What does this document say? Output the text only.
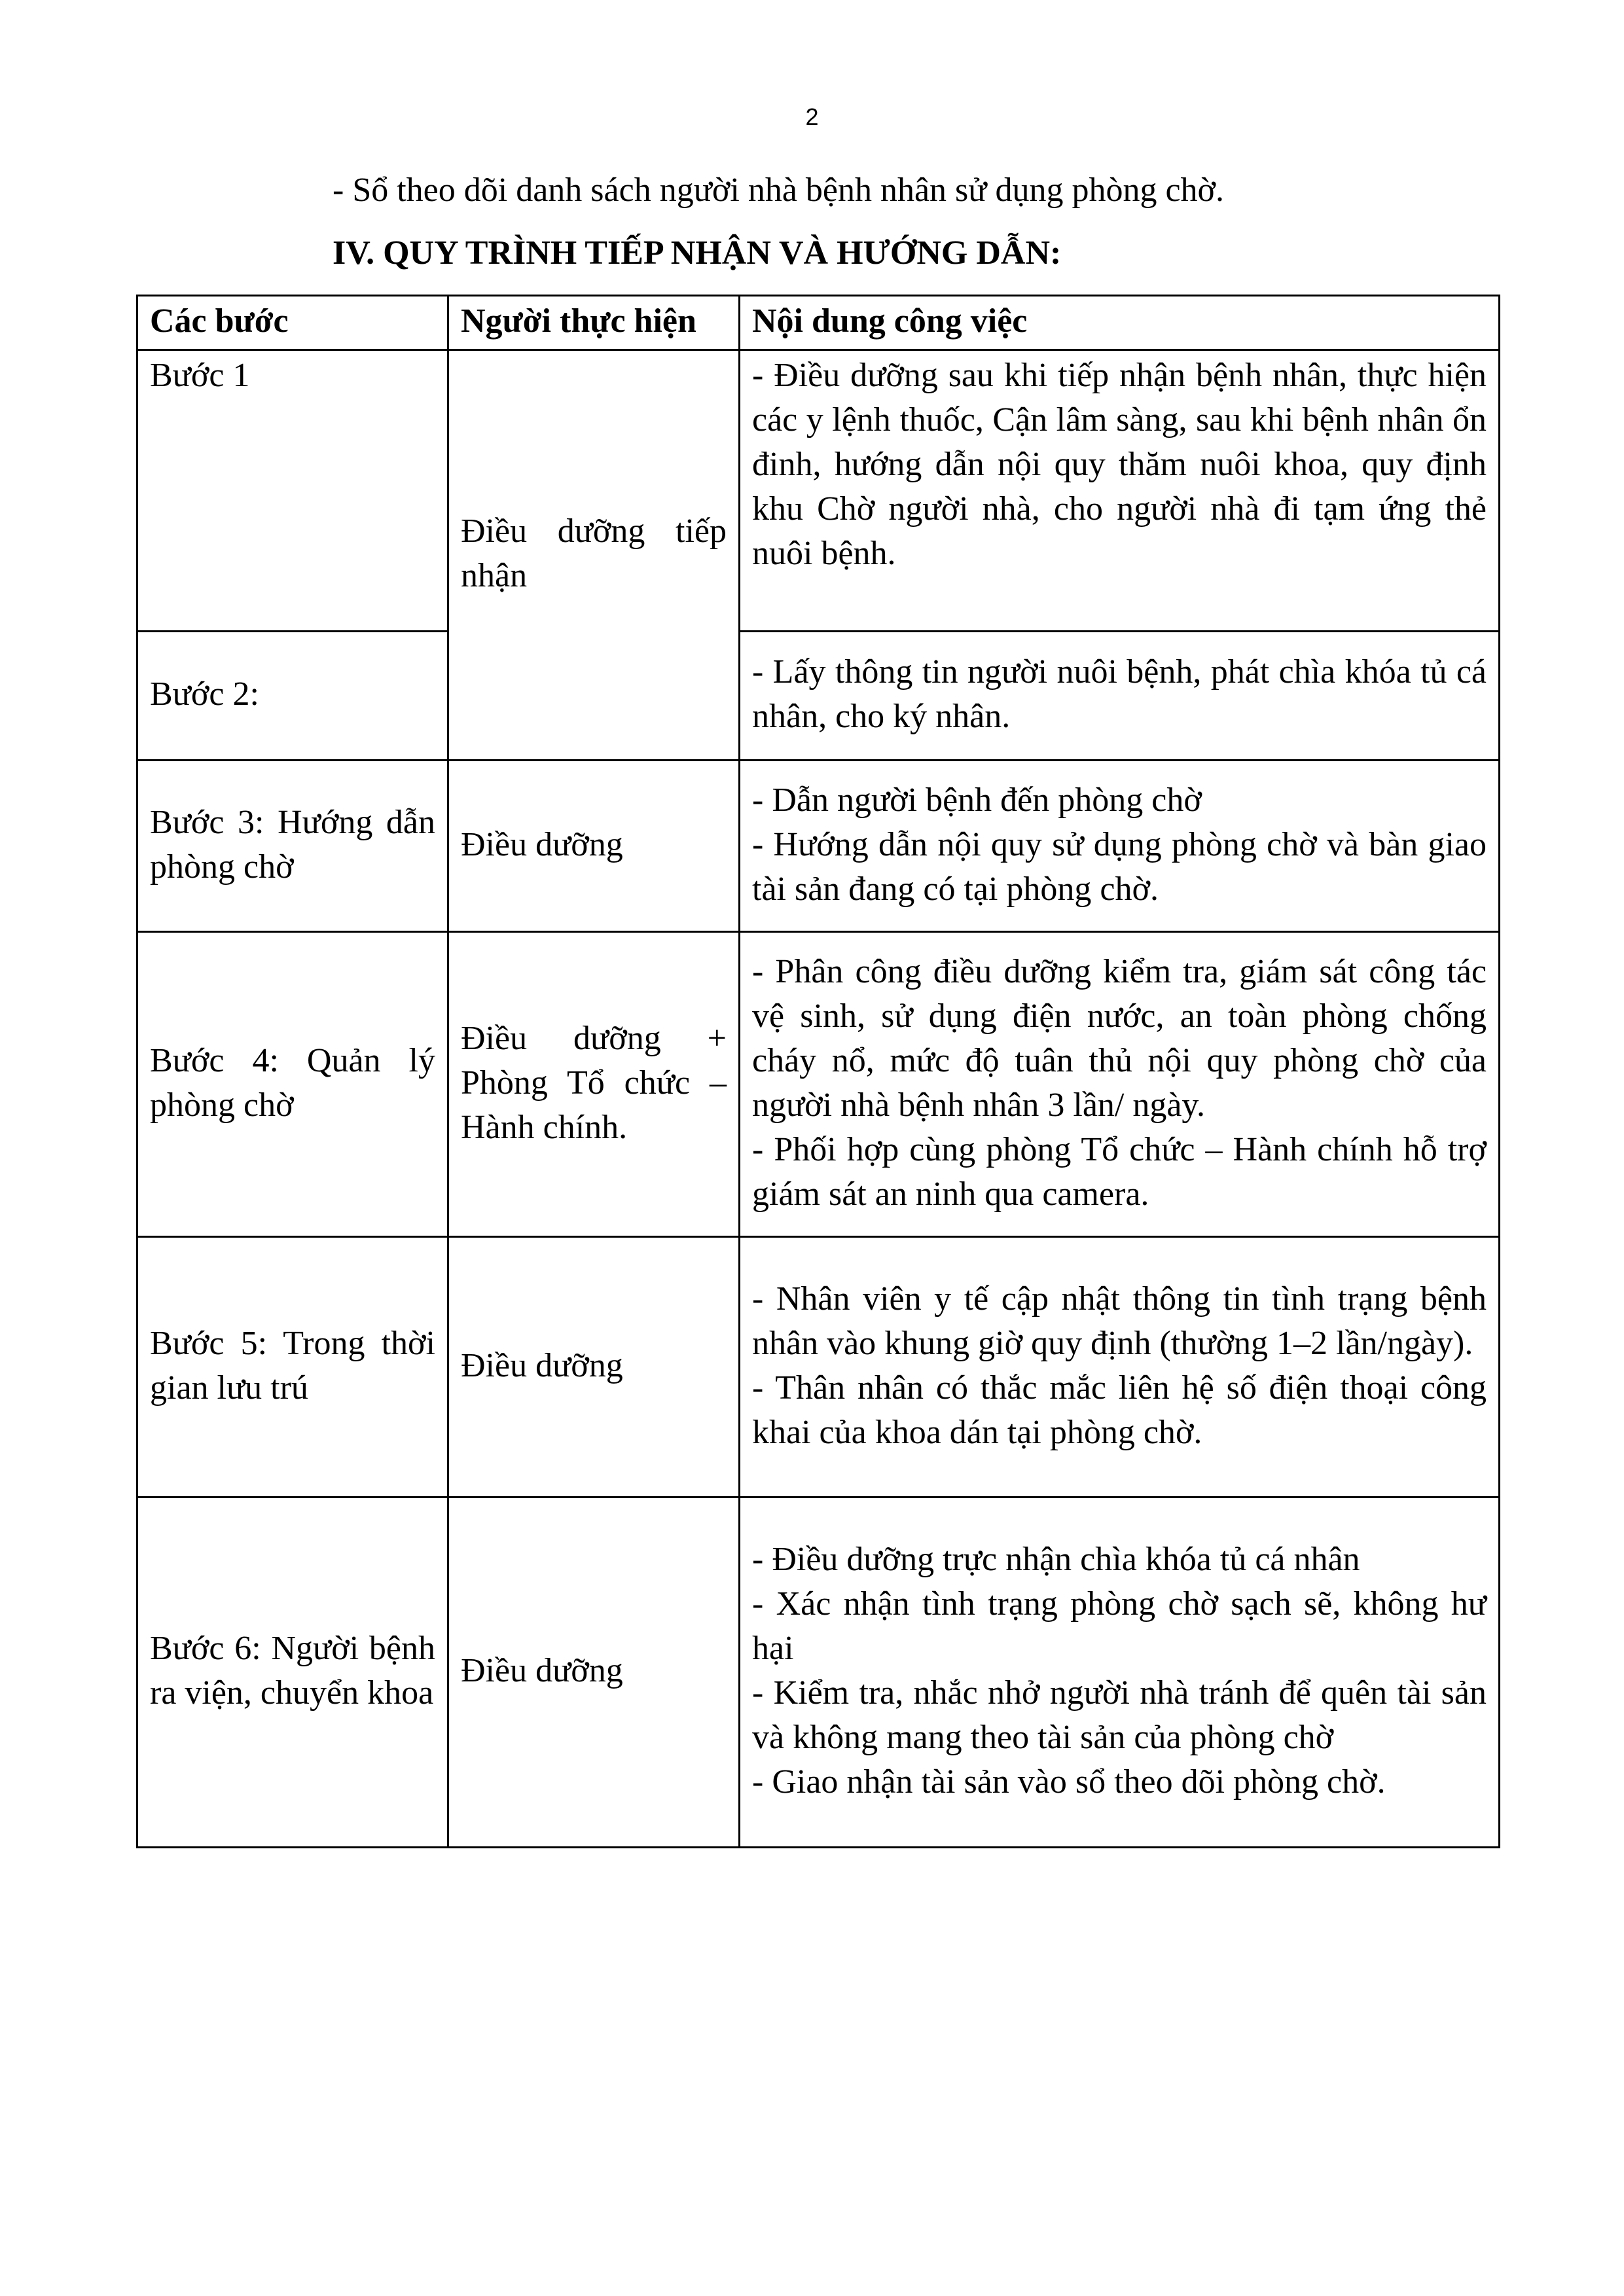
2
- Sổ theo dõi danh sách người nhà bệnh nhân sử dụng phòng chờ.
IV. QUY TRÌNH TIẾP NHẬN VÀ HƯỚNG DẪN:
Các bước	Người thực hiện	Nội dung công việc
Bước 1	Điều dưỡng tiếp nhận	- Điều dưỡng sau khi tiếp nhận bệnh nhân, thực hiện các y lệnh thuốc, Cận lâm sàng, sau khi bệnh nhân ổn đinh, hướng dẫn nội quy thăm nuôi khoa, quy định khu Chờ người nhà, cho người nhà đi tạm ứng thẻ nuôi bệnh.

Bước 2:		- Lấy thông tin người nuôi bệnh, phát chìa khóa tủ cá nhân, cho ký nhân.

Bước 3: Hướng dẫn phòng chờ	Điều dưỡng	- Dẫn người bệnh đến phòng chờ
- Hướng dẫn nội quy sử dụng phòng chờ và bàn giao tài sản đang có tại phòng chờ.

Bước 4: Quản lý phòng chờ	Điều dưỡng + Phòng Tổ chức – Hành chính.	- Phân công điều dưỡng kiểm tra, giám sát công tác vệ sinh, sử dụng điện nước, an toàn phòng chống cháy nổ, mức độ tuân thủ nội quy phòng chờ của người nhà bệnh nhân 3 lần/ ngày.
- Phối hợp cùng phòng Tổ chức – Hành chính hỗ trợ giám sát an ninh qua camera.

Bước 5: Trong thời gian lưu trú	Điều dưỡng	- Nhân viên y tế cập nhật thông tin tình trạng bệnh nhân vào khung giờ quy định (thường 1–2 lần/ngày).
- Thân nhân có thắc mắc liên hệ số điện thoại công khai của khoa dán tại phòng chờ.

Bước 6: Người bệnh ra viện, chuyển khoa	Điều dưỡng	- Điều dưỡng trực nhận chìa khóa tủ cá nhân
- Xác nhận tình trạng phòng chờ sạch sẽ, không hư hại
- Kiểm tra, nhắc nhở người nhà tránh để quên tài sản và không mang theo tài sản của phòng chờ
- Giao nhận tài sản vào sổ theo dõi phòng chờ.
